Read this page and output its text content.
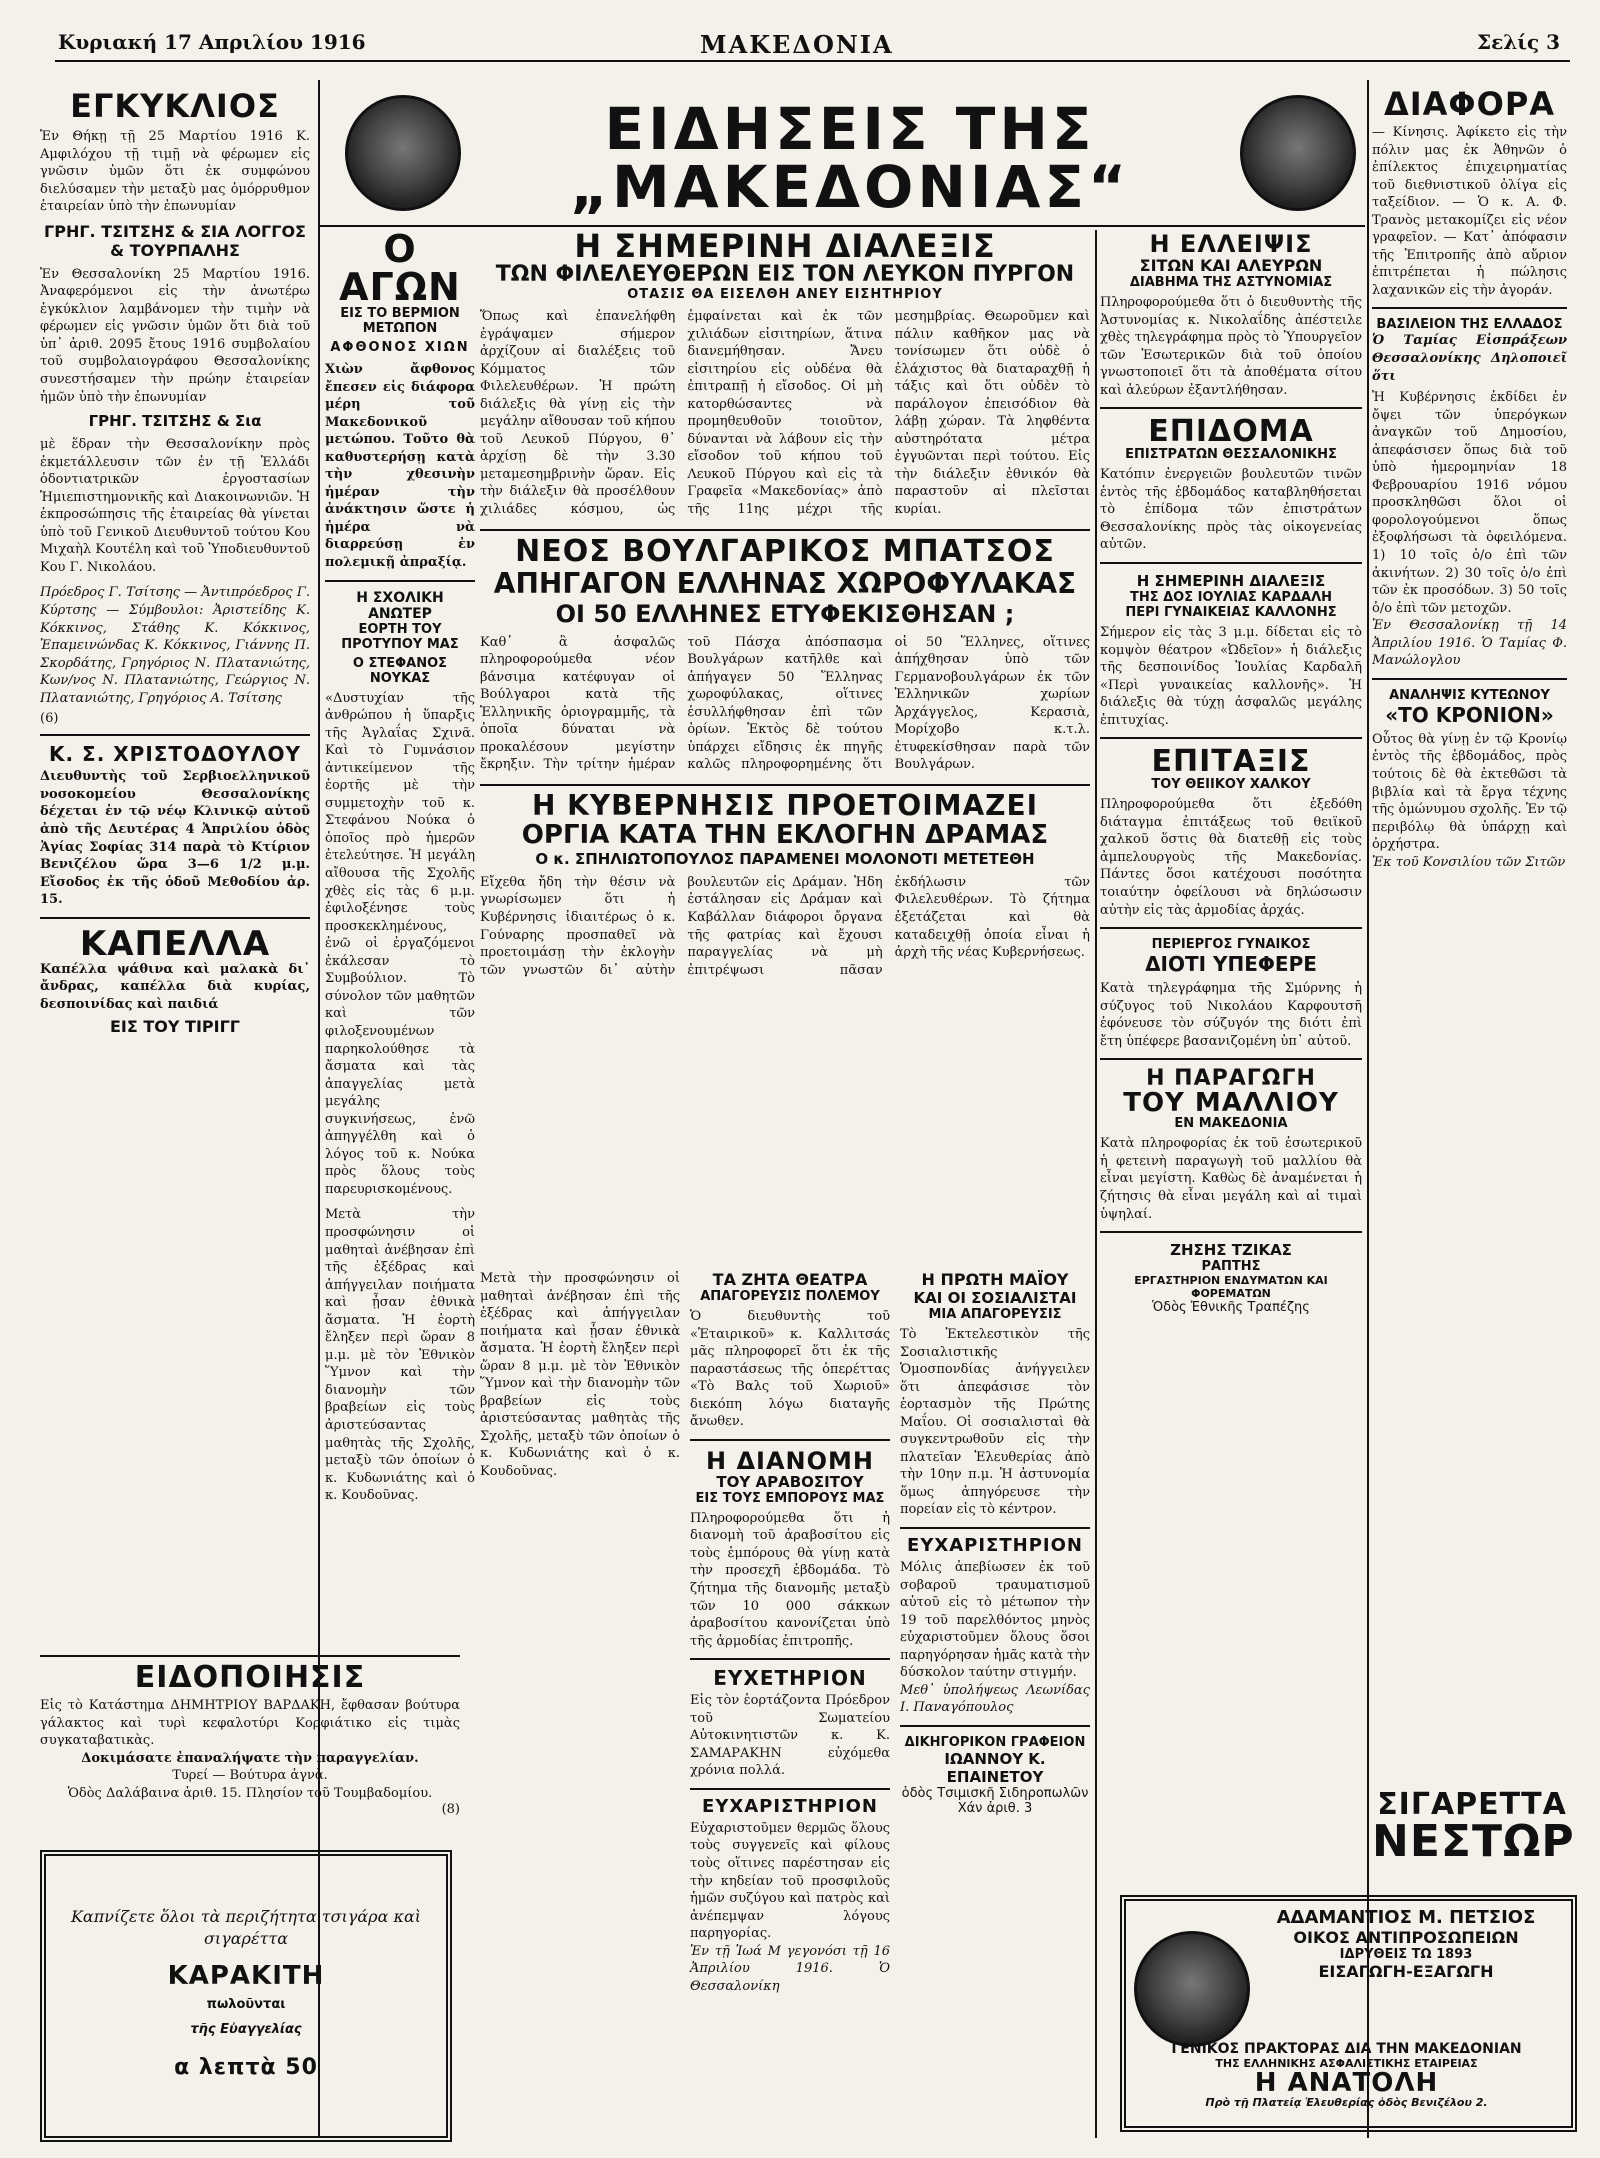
Κυριακή 17 Απριλίου 1916	ΜΑΚΕΔΟΝΙΑ	Σελίς 3
ΕΙΔΗΣΕΙΣ ΤΗΣ „ΜΑΚΕΔΟΝΙΑΣ“
ΕΓΚΥΚΛΙΟΣ

Ἐν Θήκῃ τῇ 25 Μαρτίου 1916 Κ. Αμφιλόχου τῇ τιμῇ νὰ φέρωμεν εἰς γνῶσιν ὑμῶν ὅτι ἐκ συμφώνου διελύσαμεν τὴν μεταξὺ μας ὁμόρρυθμον ἑταιρείαν ὑπὸ τὴν ἐπωνυμίαν

ΓΡΗΓ. ΤΣΙΤΣΗΣ & ΣΙΑ ΛΟΓΓΟΣ & ΤΟΥΡΠΑΛΗΣ

Ἐν Θεσσαλονίκη 25 Μαρτίου 1916. Ἀναφερόμενοι εἰς τὴν ἀνωτέρω ἐγκύκλιον λαμβάνομεν τὴν τιμὴν νὰ φέρωμεν εἰς γνῶσιν ὑμῶν ὅτι διὰ τοῦ ὑπ᾿ ἀριθ. 2095 ἔτους 1916 συμβολαίου τοῦ συμβολαιογράφου Θεσσαλονίκης συνεστήσαμεν τὴν πρώην ἑταιρείαν ἡμῶν ὑπὸ τὴν ἐπωνυμίαν

ΓΡΗΓ. ΤΣΙΤΣΗΣ & Σια

μὲ ἕδραν τὴν Θεσσαλονίκην πρὸς ἐκμετάλλευσιν τῶν ἐν τῇ Ἑλλάδι ὁδοντιατρικῶν ἐργοστασίων Ἡμιεπιστημονικῆς καὶ Διακοινωνιῶν. Ἡ ἐκπροσώπησις τῆς ἑταιρείας θὰ γίνεται ὑπὸ τοῦ Γενικοῦ Διευθυντοῦ τούτου Κου Μιχαὴλ Κουτέλη καὶ τοῦ Ὑποδιευθυντοῦ Κου Γ. Νικολάου.

Πρόεδρος Γ. Τσίτσης — Ἀντιπρόεδρος Γ. Κύρτσης — Σύμβουλοι: Ἀριστείδης Κ. Κόκκινος, Στάθης Κ. Κόκκινος, Ἐπαμεινώνδας Κ. Κόκκινος, Γιάννης Π. Σκορδάτης, Γρηγόριος Ν. Πλατανιώτης, Κων/νος Ν. Πλατανιώτης, Γεώργιος Ν. Πλατανιώτης, Γρηγόριος Α. Τσίτσης

(6)
Κ. Σ. ΧΡΙΣΤΟΔΟΥΛΟΥ

Διευθυντὴς τοῦ Σερβιοελληνικοῦ νοσοκομείου Θεσσαλονίκης δέχεται ἐν τῷ νέῳ Κλινικῷ αὐτοῦ ἀπὸ τῆς Δευτέρας 4 Ἀπριλίου ὁδὸς Ἁγίας Σοφίας 314 παρὰ τὸ Κτίριον Βενιζέλου ὥρα 3—6 1/2 μ.μ. Εἴσοδος ἐκ τῆς ὁδοῦ Μεθοδίου ἀρ. 15.

ΚΑΠΕΛΛΑ

Καπέλλα ψάθινα καὶ μαλακὰ δι᾿ ἄνδρας, καπέλλα διὰ κυρίας, δεσποινίδας καὶ παιδιά

ΕΙΣ ΤΟΥ ΤΙΡΙΓΓ
ΕΙΔΟΠΟΙΗΣΙΣ

Εἰς τὸ Κατάστημα ΔΗΜΗΤΡΙΟΥ ΒΑΡΔΑΚΗ, ἔφθασαν βούτυρα γάλακτος καὶ τυρὶ κεφαλοτύρι Κορφιάτικο εἰς τιμὰς συγκαταβατικὰς.

Δοκιμάσατε ἐπαναλήψατε τὴν παραγγελίαν.

Τυρεί — Βούτυρα ἀγνὰ.

Ὁδὸς Δαλάβαινα ἀριθ. 15. Πλησίον τοῦ Τουμβαδομίου.

(8)

Καπνίζετε ὅλοι τὰ περιζήτητα τσιγάρα καὶ σιγαρέττα

ΚΑΡΑΚΙΤΗ
πωλοῦνται
τῆς Εὐαγγελίας
α λεπτὰ 50
Ο ΑΓΩΝ
ΕΙΣ ΤΟ ΒΕΡΜΙΟΝ ΜΕΤΩΠΟΝ
ΑΦΘΟΝΟΣ ΧΙΩΝ

Χιὼν ἄφθονος ἔπεσεν εἰς διάφορα μέρη τοῦ Μακεδονικοῦ μετώπου. Τοῦτο θὰ καθυστερήσῃ κατὰ τὴν χθεσινὴν ἡμέραν τὴν ἀνάκτησιν ὥστε ἡ ἡμέρα νὰ διαρρεύσῃ ἐν πολεμικῇ ἀπραξίᾳ.

Η ΣΧΟΛΙΚΗ ΑΝΩΤΕΡ
ΕΟΡΤΗ ΤΟΥ ΠΡΟΤΥΠΟΥ ΜΑΣ
Ο ΣΤΕΦΑΝΟΣ ΝΟΥΚΑΣ

«Δυστυχίαν τῆς ἀνθρώπου ἡ ὕπαρξις τῆς Ἀγλαΐας Σχινᾶ. Καὶ τὸ Γυμνάσιον ἀντικείμενον τῆς ἐορτῆς μὲ τὴν συμμετοχὴν τοῦ κ. Στεφάνου Νούκα ὁ ὁποῖος πρὸ ἡμερῶν ἐτελεύτησε. Ἡ μεγάλη αἴθουσα τῆς Σχολῆς χθὲς εἰς τὰς 6 μ.μ. ἐφιλοξένησε τοὺς προσκεκλημένους, ἐνῶ οἱ ἐργαζόμενοι ἐκάλεσαν τὸ Συμβούλιον. Τὸ σύνολον τῶν μαθητῶν καὶ τῶν φιλοξενουμένων παρηκολούθησε τὰ ἄσματα καὶ τὰς ἀπαγγελίας μετὰ μεγάλης συγκινήσεως, ἐνῶ ἀπηγγέλθη καὶ ὁ λόγος τοῦ κ. Νούκα πρὸς ὅλους τοὺς παρευρισκομένους.

Μετὰ τὴν προσφώνησιν οἱ μαθηταὶ ἀνέβησαν ἐπὶ τῆς ἐξέδρας καὶ ἀπήγγειλαν ποιήματα καὶ ᾖσαν ἐθνικὰ ἄσματα. Ἡ ἐορτὴ ἔληξεν περὶ ὥραν 8 μ.μ. μὲ τὸν Ἐθνικὸν Ὕμνον καὶ τὴν διανομὴν τῶν βραβείων εἰς τοὺς ἀριστεύσαντας μαθητὰς τῆς Σχολῆς, μεταξὺ τῶν ὁποίων ὁ κ. Κυδωνιάτης καὶ ὁ κ. Κουδοῦνας.

Η ΣΗΜΕΡΙΝΗ ΔΙΑΛΕΞΙΣ
ΤΩΝ ΦΙΛΕΛΕΥΘΕΡΩΝ ΕΙΣ ΤΟΝ ΛΕΥΚΟΝ ΠΥΡΓΟΝ
ΟΤΑΣΙΣ ΘΑ ΕΙΣΕΛΘΗ ΑΝΕΥ ΕΙΣΗΤΗΡΙΟΥ

Ὅπως καὶ ἐπανελήφθη ἐγράψαμεν σήμερον ἀρχίζουν αἱ διαλέξεις τοῦ Κόμματος τῶν Φιλελευθέρων. Ἡ πρώτη διάλεξις θὰ γίνῃ εἰς τὴν μεγάλην αἴθουσαν τοῦ κήπου τοῦ Λευκοῦ Πύργου, θ᾿ ἀρχίσῃ δὲ τὴν 3.30 μεταμεσημβρινὴν ὥραν. Εἰς τὴν διάλεξιν θὰ προσέλθουν χιλιάδες κόσμου, ὡς ἐμφαίνεται καὶ ἐκ τῶν χιλιάδων εἰσιτηρίων, ἅτινα διανεμήθησαν. Ἄνευ εἰσιτηρίου εἰς οὐδένα θὰ ἐπιτραπῇ ἡ εἴσοδος. Οἱ μὴ κατορθώσαντες νὰ προμηθευθοῦν τοιοῦτον, δύνανται νὰ λάβουν εἰς τὴν εἴσοδον τοῦ κήπου τοῦ Λευκοῦ Πύργου καὶ εἰς τὰ Γραφεῖα «Μακεδονίας» ἀπὸ τῆς 11ης μέχρι τῆς μεσημβρίας. Θεωροῦμεν καὶ πάλιν καθῆκον μας νὰ τονίσωμεν ὅτι οὐδὲ ὁ ἐλάχιστος θὰ διαταραχθῇ ἡ τάξις καὶ ὅτι οὐδὲν τὸ παράλογον ἐπεισόδιον θὰ λάβῃ χώραν. Τὰ ληφθέντα αὐστηρότατα μέτρα ἐγγυῶνται περὶ τούτου. Εἰς τὴν διάλεξιν ἐθνικόν θὰ παραστοῦν αἱ πλεῖσται κυρίαι.

ΝΕΟΣ ΒΟΥΛΓΑΡΙΚΟΣ ΜΠΑΤΣΟΣ
ΑΠΗΓΑΓΟΝ ΕΛΛΗΝΑΣ ΧΩΡΟΦΥΛΑΚΑΣ
ΟΙ 50 ΕΛΛΗΝΕΣ ΕΤΥΦΕΚΙΣΘΗΣΑΝ ;

Καθ᾿ ἃ ἀσφαλῶς πληροφορούμεθα νέον βάνσιμα κατέφυγαν οἱ Βούλγαροι κατὰ τῆς Ἑλληνικῆς ὁριογραμμῆς, τὰ ὁποῖα δύναται νὰ προκαλέσουν μεγίστην ἔκρηξιν. Τὴν τρίτην ἡμέραν τοῦ Πάσχα ἀπόσπασμα Βουλγάρων κατῆλθε καὶ ἀπήγαγεν 50 Ἕλληνας χωροφύλακας, οἵτινες ἐσυλλήφθησαν ἐπὶ τῶν ὁρίων. Ἐκτὸς δὲ τούτου ὑπάρχει εἴδησις ἐκ πηγῆς καλῶς πληροφορημένης ὅτι οἱ 50 Ἕλληνες, οἵτινες ἀπήχθησαν ὑπὸ τῶν Γερμανοβουλγάρων ἐκ τῶν Ἑλληνικῶν χωρίων Ἀρχάγγελος, Κερασιὰ, Μορίχοβο κ.τ.λ. ἐτυφεκίσθησαν παρὰ τῶν Βουλγάρων.

Η ΚΥΒΕΡΝΗΣΙΣ ΠΡΟΕΤΟΙΜΑΖΕΙ
ΟΡΓΙΑ ΚΑΤΑ ΤΗΝ ΕΚΛΟΓΗΝ ΔΡΑΜΑΣ
Ο κ. ΣΠΗΛΙΩΤΟΠΟΥΛΟΣ ΠΑΡΑΜΕΝΕΙ ΜΟΛΟΝΟΤΙ ΜΕΤΕΤΕΘΗ

Εἴχεθα ἤδη τὴν θέσιν νὰ γνωρίσωμεν ὅτι ἡ Κυβέρνησις ἰδιαιτέρως ὁ κ. Γούναρης προσπαθεῖ νὰ προετοιμάσῃ τὴν ἐκλογὴν τῶν γνωστῶν δι᾿ αὐτὴν βουλευτῶν εἰς Δράμαν. Ἡδη ἐστάλησαν εἰς Δράμαν καὶ Καβάλλαν διάφοροι ὄργανα τῆς φατρίας καὶ ἔχουσι παραγγελίας νὰ μὴ ἐπιτρέψωσι πᾶσαν ἐκδήλωσιν τῶν Φιλελευθέρων. Τὸ ζήτημα ἐξετάζεται καὶ θὰ καταδειχθῇ ὁποία εἶναι ἡ ἀρχὴ τῆς νέας Κυβερνήσεως.

Μετὰ τὴν προσφώνησιν οἱ μαθηταὶ ἀνέβησαν ἐπὶ τῆς ἐξέδρας καὶ ἀπήγγειλαν ποιήματα καὶ ᾖσαν ἐθνικὰ ἄσματα. Ἡ ἐορτὴ ἔληξεν περὶ ὥραν 8 μ.μ. μὲ τὸν Ἐθνικὸν Ὕμνον καὶ τὴν διανομὴν τῶν βραβείων εἰς τοὺς ἀριστεύσαντας μαθητὰς τῆς Σχολῆς, μεταξὺ τῶν ὁποίων ὁ κ. Κυδωνιάτης καὶ ὁ κ. Κουδοῦνας.

ΤΑ ΖΗΤΑ ΘΕΑΤΡΑ
ΑΠΑΓΟΡΕΥΣΙΣ ΠΟΛΕΜΟΥ

Ὁ διευθυντὴς τοῦ «Ἑταιρικοῦ» κ. Καλλιτσάς μᾶς πληροφορεῖ ὅτι ἐκ τῆς παραστάσεως τῆς ὀπερέττας «Τὸ Βαλς τοῦ Χωριοῦ» διεκόπη λόγω διαταγῆς ἄνωθεν.

Η ΔΙΑΝΟΜΗ
ΤΟΥ ΑΡΑΒΟΣΙΤΟΥ
ΕΙΣ ΤΟΥΣ ΕΜΠΟΡΟΥΣ ΜΑΣ

Πληροφορούμεθα ὅτι ἡ διανομὴ τοῦ ἀραβοσίτου εἰς τοὺς ἐμπόρους θὰ γίνῃ κατὰ τὴν προσεχῆ ἑβδομάδα. Τὸ ζήτημα τῆς διανομῆς μεταξὺ τῶν 10 000 σάκκων ἀραβοσίτου κανονίζεται ὑπὸ τῆς ἀρμοδίας ἐπιτροπῆς.

ΕΥΧΕΤΗΡΙΟΝ

Εἰς τὸν ἑορτάζοντα Πρόεδρον τοῦ Σωματείου Αὐτοκινητιστῶν κ. Κ. ΣΑΜΑΡΑΚΗΝ εὐχόμεθα χρόνια πολλά.

ΕΥΧΑΡΙΣΤΗΡΙΟΝ

Εὐχαριστοῦμεν θερμῶς ὅλους τοὺς συγγενεῖς καὶ φίλους τοὺς οἵτινες παρέστησαν εἰς τὴν κηδείαν τοῦ προσφιλοῦς ἡμῶν συζύγου καὶ πατρὸς καὶ ἀνέπεμψαν λόγους παρηγορίας.

Ἐν τῇ Ἰωά Μ γεγονόσι τῇ 16 Ἀπριλίου 1916. Ὁ Θεσσαλονίκη

Η ΠΡΩΤΗ ΜΑΪΟΥ
ΚΑΙ ΟΙ ΣΟΣΙΑΛΙΣΤΑΙ
ΜΙΑ ΑΠΑΓΟΡΕΥΣΙΣ

Τὸ Ἐκτελεστικὸν τῆς Σοσιαλιστικῆς Ὁμοσπονδίας ἀνήγγειλεν ὅτι ἀπεφάσισε τὸν ἑορτασμὸν τῆς Πρώτης Μαΐου. Οἱ σοσιαλισταὶ θὰ συγκεντρωθοῦν εἰς τὴν πλατεῖαν Ἐλευθερίας ἀπὸ τὴν 10ην π.μ. Ἡ ἀστυνομία ὅμως ἀπηγόρευσε τὴν πορείαν εἰς τὸ κέντρον.

ΕΥΧΑΡΙΣΤΗΡΙΟΝ

Μόλις ἀπεβίωσεν ἐκ τοῦ σοβαροῦ τραυματισμοῦ αὐτοῦ εἰς τὸ μέτωπον τὴν 19 τοῦ παρελθόντος μηνὸς εὐχαριστοῦμεν ὅλους ὅσοι παρηγόρησαν ἡμᾶς κατὰ τὴν δύσκολον ταύτην στιγμήν.

Μεθ᾿ ὑπολήψεως Λεωνίδας Ι. Παναγόπουλος

ΔΙΚΗΓΟΡΙΚΟΝ ΓΡΑΦΕΙΟΝ
ΙΩΑΝΝΟΥ Κ. ΕΠΑΙΝΕΤΟΥ
ὁδὸς Τσιμισκῆ Σιδηροπωλῶν Χάν ἀριθ. 3
Η ΕΛΛΕΙΨΙΣ
ΣΙΤΩΝ ΚΑΙ ΑΛΕΥΡΩΝ
ΔΙΑΒΗΜΑ ΤΗΣ ΑΣΤΥΝΟΜΙΑΣ

Πληροφορούμεθα ὅτι ὁ διευθυντὴς τῆς Ἀστυνομίας κ. Νικολαΐδης ἀπέστειλε χθὲς τηλεγράφημα πρὸς τὸ Ὑπουργεῖον τῶν Ἐσωτερικῶν διὰ τοῦ ὁποίου γνωστοποιεῖ ὅτι τὰ ἀποθέματα σίτου καὶ ἀλεύρων ἐξαντλήθησαν.

ΕΠΙΔΟΜΑ
ΕΠΙΣΤΡΑΤΩΝ ΘΕΣΣΑΛΟΝΙΚΗΣ

Κατόπιν ἐνεργειῶν βουλευτῶν τινῶν ἐντὸς τῆς ἑβδομάδος καταβληθήσεται τὸ ἐπίδομα τῶν ἐπιστράτων Θεσσαλονίκης πρὸς τὰς οἰκογενείας αὐτῶν.

Η ΣΗΜΕΡΙΝΗ ΔΙΑΛΕΞΙΣ
ΤΗΣ ΔΟΣ ΙΟΥΛΙΑΣ ΚΑΡΔΑΛΗ
ΠΕΡΙ ΓΥΝΑΙΚΕΙΑΣ ΚΑΛΛΟΝΗΣ

Σήμερον εἰς τὰς 3 μ.μ. δίδεται εἰς τὸ κομψὸν θέατρον «Ὠδεῖον» ἡ διάλεξις τῆς δεσποινίδος Ἰουλίας Καρδαλῆ «Περὶ γυναικείας καλλονῆς». Ἡ διάλεξις θὰ τύχῃ ἀσφαλῶς μεγάλης ἐπιτυχίας.

ΕΠΙΤΑΞΙΣ
ΤΟΥ ΘΕΙΙΚΟΥ ΧΑΛΚΟΥ

Πληροφορούμεθα ὅτι ἐξεδόθη διάταγμα ἐπιτάξεως τοῦ θειϊκοῦ χαλκοῦ ὅστις θὰ διατεθῇ εἰς τοὺς ἀμπελουργοὺς τῆς Μακεδονίας. Πάντες ὅσοι κατέχουσι ποσότητα τοιαύτην ὀφείλουσι νὰ δηλώσωσιν αὐτὴν εἰς τὰς ἀρμοδίας ἀρχάς.

ΠΕΡΙΕΡΓΟΣ ΓΥΝΑΙΚΟΣ
ΔΙΟΤΙ ΥΠΕΦΕΡΕ

Κατὰ τηλεγράφημα τῆς Σμύρνης ἡ σύζυγος τοῦ Νικολάου Καρφουτσῆ ἐφόνευσε τὸν σύζυγόν της διότι ἐπὶ ἔτη ὑπέφερε βασανιζομένη ὑπ᾿ αὐτοῦ.

Η ΠΑΡΑΓΩΓΗ
ΤΟΥ ΜΑΛΛΙΟΥ
ΕΝ ΜΑΚΕΔΟΝΙΑ

Κατὰ πληροφορίας ἐκ τοῦ ἐσωτερικοῦ ἡ φετεινὴ παραγωγὴ τοῦ μαλλίου θὰ εἶναι μεγίστη. Καθὼς δὲ ἀναμένεται ἡ ζήτησις θὰ εἶναι μεγάλη καὶ αἱ τιμαὶ ὑψηλαί.

ΖΗΣΗΣ ΤΖΙΚΑΣ
ΡΑΠΤΗΣ
ΕΡΓΑΣΤΗΡΙΟΝ ΕΝΔΥΜΑΤΩΝ ΚΑΙ ΦΟΡΕΜΑΤΩΝ
Ὁδὸς Ἐθνικῆς Τραπέζης
ΔΙΑΦΟΡΑ

— Κίνησις. Ἀφίκετο εἰς τὴν πόλιν μας ἐκ Ἀθηνῶν ὁ ἐπίλεκτος ἐπιχειρηματίας τοῦ διεθνιστικοῦ ὀλίγα εἰς ταξείδιον. — Ὁ κ. Α. Φ. Τρανὸς μετακομίζει εἰς νέον γραφεῖον. — Κατ᾿ ἀπόφασιν τῆς Ἐπιτροπῆς ἀπὸ αὔριον ἐπιτρέπεται ἡ πώλησις λαχανικῶν εἰς τὴν ἀγοράν.

ΒΑΣΙΛΕΙΟΝ ΤΗΣ ΕΛΛΑΔΟΣ

Ὁ Ταμίας Εἰσπράξεων Θεσσαλονίκης Δηλοποιεῖ ὅτι

Ἡ Κυβέρνησις ἐκδίδει ἐν ὄψει τῶν ὑπερόγκων ἀναγκῶν τοῦ Δημοσίου, ἀπεφάσισεν ὅπως διὰ τοῦ ὑπὸ ἡμερομηνίαν 18 Φεβρουαρίου 1916 νόμου προσκληθῶσι ὅλοι οἱ φορολογούμενοι ὅπως ἐξοφλήσωσι τὰ ὀφειλόμενα. 1) 10 τοῖς ὀ/ο ἐπὶ τῶν ἀκινήτων. 2) 30 τοῖς ὀ/ο ἐπὶ τῶν ἐκ προσόδων. 3) 50 τοῖς ὀ/ο ἐπὶ τῶν μετοχῶν.

Ἐν Θεσσαλονίκῃ τῇ 14 Ἀπριλίου 1916. Ὁ Ταμίας Φ. Μανώλογλου

ΑΝΑΛΗΨΙΣ ΚΥΤΕΩΝΟΥ
«ΤΟ ΚΡΟΝΙΟΝ»

Οὗτος θὰ γίνῃ ἐν τῷ Κρονίῳ ἐντὸς τῆς ἑβδομάδος, πρὸς τούτοις δὲ θὰ ἐκτεθῶσι τὰ βιβλία καὶ τὰ ἔργα τέχνης τῆς ὁμώνυμου σχολῆς. Ἐν τῷ περιβόλῳ θὰ ὑπάρχῃ καὶ ὀρχήστρα.

Ἐκ τοῦ Κονσιλίου τῶν Σιτῶν

ΣΙΓΑΡΕΤΤΑ
ΝΕΣΤΩΡ
ΑΔΑΜΑΝΤΙΟΣ Μ. ΠΕΤΣΙΟΣ
ΟΙΚΟΣ ΑΝΤΙΠΡΟΣΩΠΕΙΩΝ
ΙΔΡΥΘΕΙΣ ΤΩ 1893
ΕΙΣΑΓΩΓΗ-ΕΞΑΓΩΓΗ
ΓΕΝΙΚΟΣ ΠΡΑΚΤΟΡΑΣ ΔΙΑ ΤΗΝ ΜΑΚΕΔΟΝΙΑΝ
ΤΗΣ ΕΛΛΗΝΙΚΗΣ ΑΣΦΑΛΙΣΤΙΚΗΣ ΕΤΑΙΡΕΙΑΣ
Η ΑΝΑΤΟΛΗ
Πρὸ τῇ Πλατείᾳ Ἐλευθερίας ὁδὸς Βενιζέλου 2.
